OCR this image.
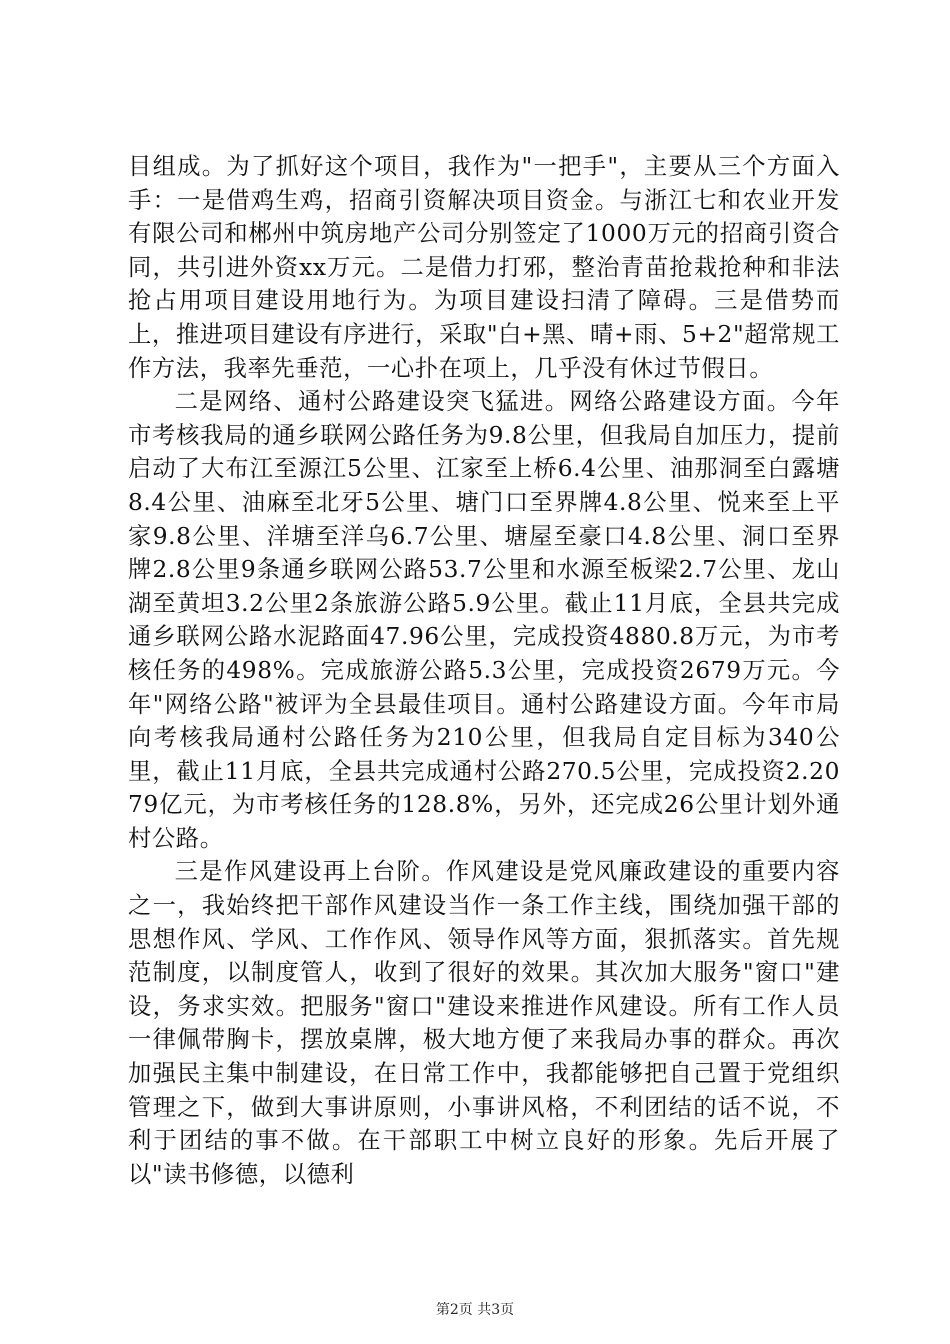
目组成。为了抓好这个项目，我作为"一把手"，主要从三个方面入手：一是借鸡生鸡，招商引资解决项目资金。与浙江七和农业开发有限公司和郴州中筑房地产公司分别签定了1000万元的招商引资合同，共引进外资xx万元。二是借力打邪，整治青苗抢栽抢种和非法抢占用项目建设用地行为。为项目建设扫清了障碍。三是借势而上，推进项目建设有序进行，采取"白+黑、晴+雨、5+2"超常规工作方法，我率先垂范，一心扑在项上，几乎没有休过节假日。

二是网络、通村公路建设突飞猛进。网络公路建设方面。今年市考核我局的通乡联网公路任务为9.8公里，但我局自加压力，提前启动了大布江至源江5公里、江家至上桥6.4公里、油那洞至白露塘8.4公里、油麻至北牙5公里、塘门口至界牌4.8公里、悦来至上平家9.8公里、洋塘至洋乌6.7公里、塘屋至豪口4.8公里、洞口至界牌2.8公里9条通乡联网公路53.7公里和水源至板梁2.7公里、龙山湖至黄坦3.2公里2条旅游公路5.9公里。截止11月底，全县共完成通乡联网公路水泥路面47.96公里，完成投资4880.8万元，为市考核任务的498%。完成旅游公路5.3公里，完成投资2679万元。今年"网络公路"被评为全县最佳项目。通村公路建设方面。今年市局向考核我局通村公路任务为210公里，但我局自定目标为340公里，截止11月底，全县共完成通村公路270.5公里，完成投资2.2079亿元，为市考核任务的128.8%，另外，还完成26公里计划外通村公路。

三是作风建设再上台阶。作风建设是党风廉政建设的重要内容之一，我始终把干部作风建设当作一条工作主线，围绕加强干部的思想作风、学风、工作作风、领导作风等方面，狠抓落实。首先规范制度，以制度管人，收到了很好的效果。其次加大服务"窗口"建设，务求实效。把服务"窗口"建设来推进作风建设。所有工作人员一律佩带胸卡，摆放桌牌，极大地方便了来我局办事的群众。再次加强民主集中制建设，在日常工作中，我都能够把自己置于党组织管理之下，做到大事讲原则，小事讲风格，不利团结的话不说，不利于团结的事不做。在干部职工中树立良好的形象。先后开展了以"读书修德，以德利

第2页 共3页
